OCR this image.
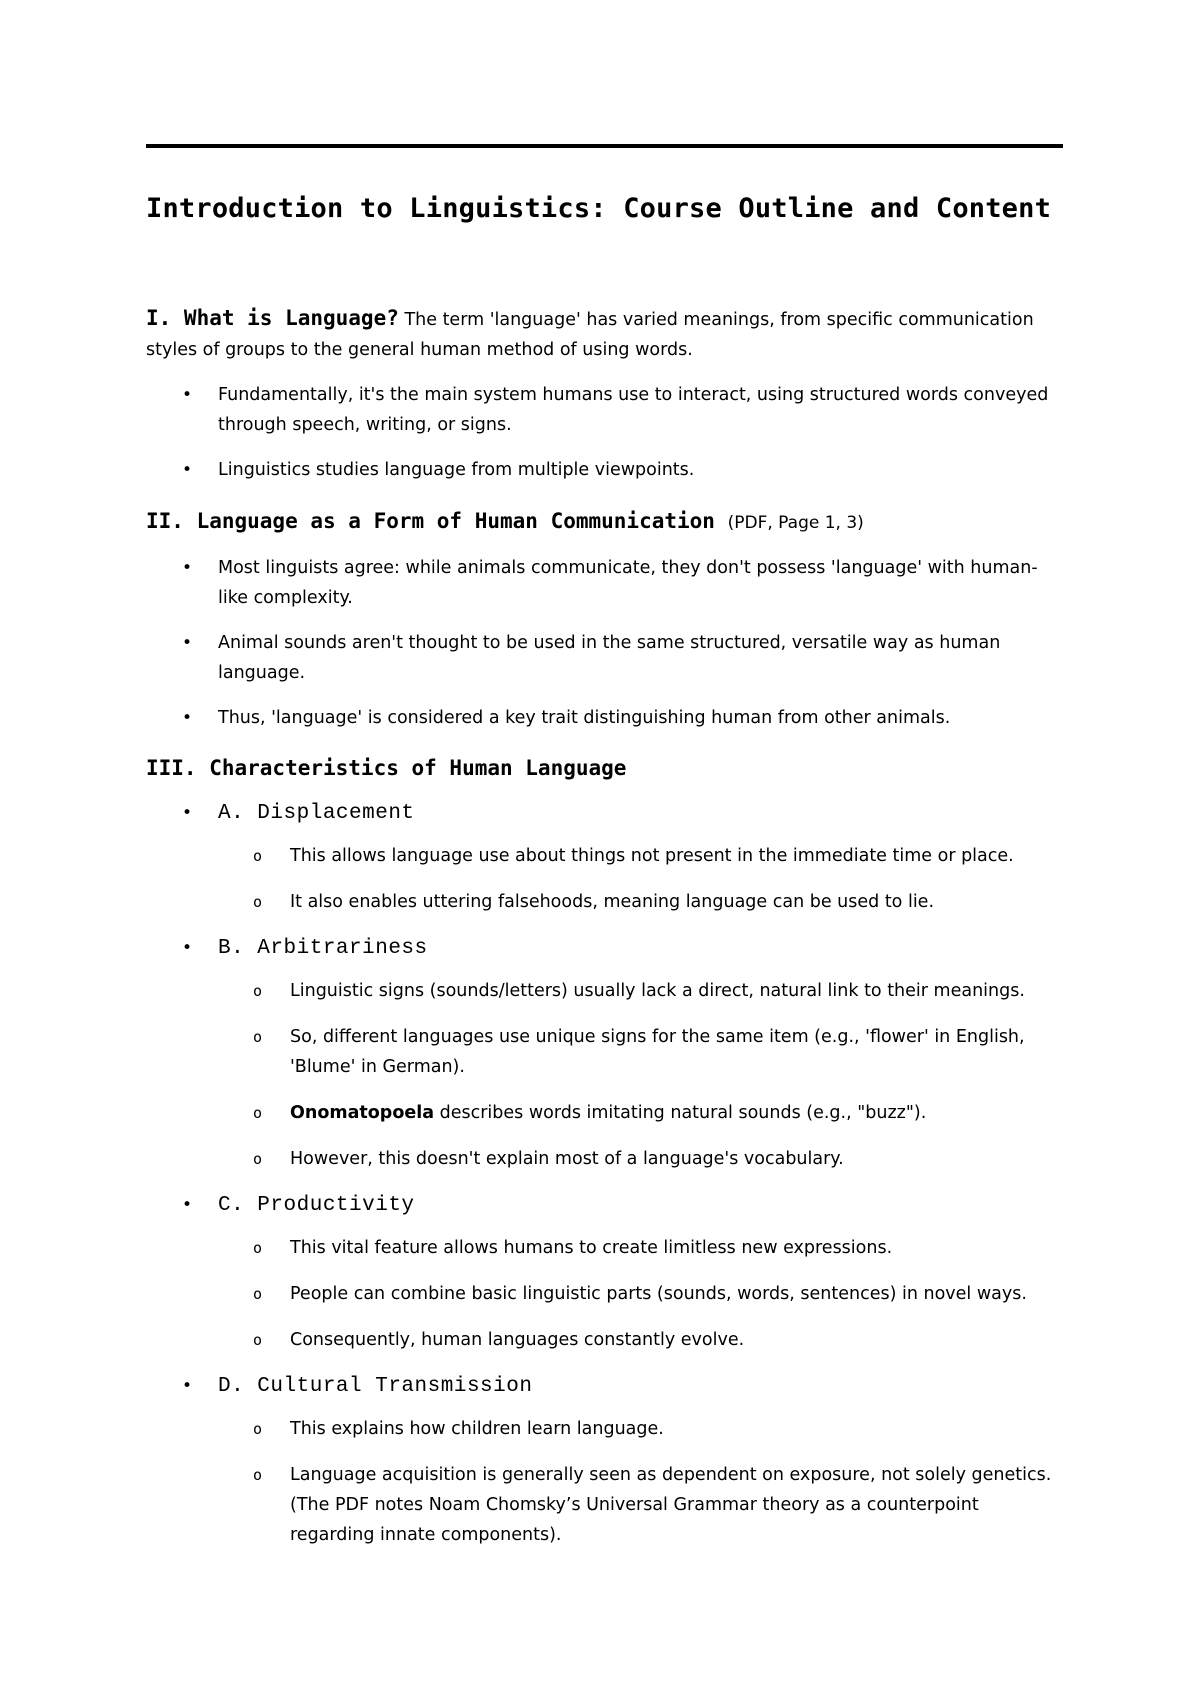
Introduction to Linguistics: Course Outline and Content

I. What is Language? The term 'language' has varied meanings, from specific communication styles of groups to the general human method of using words.

• Fundamentally, it's the main system humans use to interact, using structured words conveyed through speech, writing, or signs.
• Linguistics studies language from multiple viewpoints.
II. Language as a Form of Human Communication (PDF, Page 1, 3)
• Most linguists agree: while animals communicate, they don't possess 'language' with human-like complexity.
• Animal sounds aren't thought to be used in the same structured, versatile way as human language.
• Thus, 'language' is considered a key trait distinguishing human from other animals.
III. Characteristics of Human Language
• A. Displacement
o This allows language use about things not present in the immediate time or place.
o It also enables uttering falsehoods, meaning language can be used to lie.
• B. Arbitrariness
o Linguistic signs (sounds/letters) usually lack a direct, natural link to their meanings.
o So, different languages use unique signs for the same item (e.g., 'flower' in English, 'Blume' in German).
o Onomatopoela describes words imitating natural sounds (e.g., "buzz").
o However, this doesn't explain most of a language's vocabulary.
• C. Productivity
o This vital feature allows humans to create limitless new expressions.
o People can combine basic linguistic parts (sounds, words, sentences) in novel ways.
o Consequently, human languages constantly evolve.
• D. Cultural Transmission
o This explains how children learn language.
o Language acquisition is generally seen as dependent on exposure, not solely genetics. (The PDF notes Noam Chomsky’s Universal Grammar theory as a counterpoint regarding innate components).
